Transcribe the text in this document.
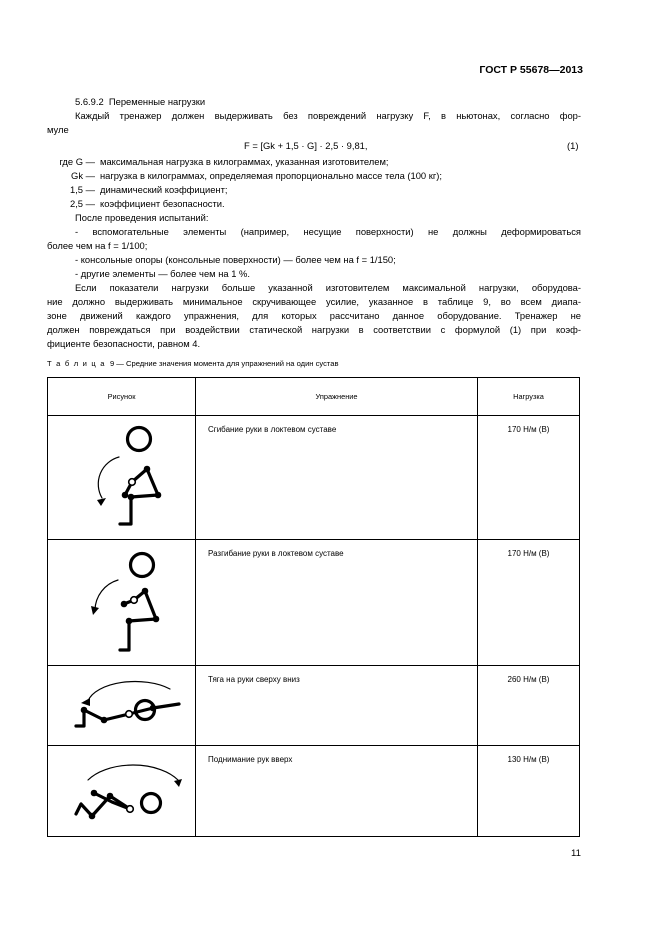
ГОСТ Р 55678—2013
5.6.9.2 Переменные нагрузки
Каждый тренажер должен выдерживать без повреждений нагрузку F, в ньютонах, согласно фор-
муле
F = [Gk + 1,5 · G] · 2,5 · 9,81,	(1)
где G — максимальная нагрузка в килограммах, указанная изготовителем;
Gk — нагрузка в килограммах, определяемая пропорционально массе тела (100 кг);
1,5 — динамический коэффициент;
2,5 — коэффициент безопасности.
После проведения испытаний:
- вспомогательные элементы (например, несущие поверхности) не должны деформироваться
более чем на f = 1/100;
- консольные опоры (консольные поверхности) — более чем на f = 1/150;
- другие элементы — более чем на 1 %.
Если показатели нагрузки больше указанной изготовителем максимальной нагрузки, оборудова-
ние должно выдерживать минимальное скручивающее усилие, указанное в таблице 9, во всем диапа-
зоне движений каждого упражнения, для которых рассчитано данное оборудование. Тренажер не
должен повреждаться при воздействии статической нагрузки в соответствии с формулой (1) при коэф-
фициенте безопасности, равном 4.
Т а б л и ц а 9 — Средние значения момента для упражнений на один сустав
Рисунок	Упражнение	Нагрузка

	Сгибание руки в локтевом суставе	170 Н/м (B)

	Разгибание руки в локтевом суставе	170 Н/м (B)

	Тяга на руки сверху вниз	260 Н/м (B)

	Поднимание рук вверх	130 Н/м (B)
11
